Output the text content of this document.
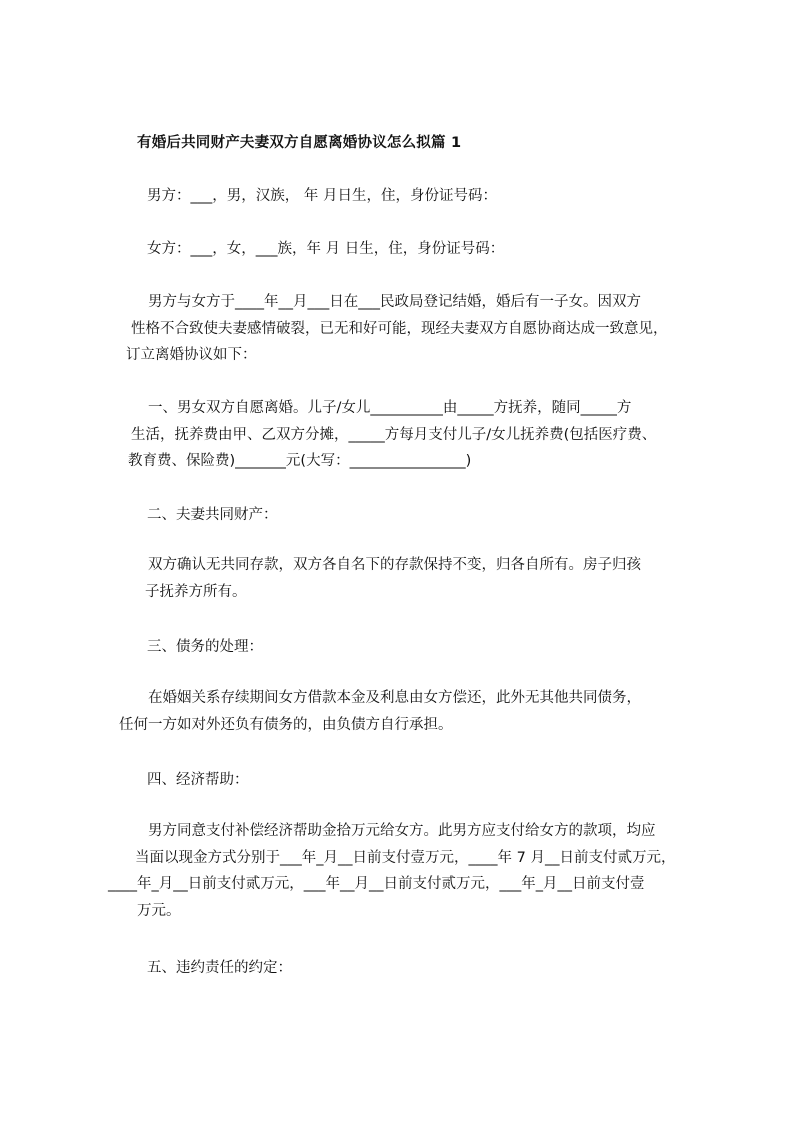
有婚后共同财产夫妻双方自愿离婚协议怎么拟篇 1
男方：___，男，汉族， 年 月日生，住，身份证号码：
女方：___，女，___族，年 月 日生，住，身份证号码：
男方与女方于____年__月___日在___民政局登记结婚，婚后有一子女。因双方
性格不合致使夫妻感情破裂，已无和好可能，现经夫妻双方自愿协商达成一致意见，
订立离婚协议如下：
一、男女双方自愿离婚。儿子/女儿__________由_____方抚养，随同_____方
生活，抚养费由甲、乙双方分摊，_____方每月支付儿子/女儿抚养费(包括医疗费、
教育费、保险费)_______元(大写：________________)
二、夫妻共同财产：
双方确认无共同存款，双方各自名下的存款保持不变，归各自所有。房子归孩
子抚养方所有。
三、债务的处理：
在婚姻关系存续期间女方借款本金及利息由女方偿还，此外无其他共同债务，
任何一方如对外还负有债务的，由负债方自行承担。
四、经济帮助：
男方同意支付补偿经济帮助金拾万元给女方。此男方应支付给女方的款项，均应
当面以现金方式分别于___年_月__日前支付壹万元，____年 7 月__日前支付贰万元，
____年_月__日前支付贰万元，___年__月__日前支付贰万元，___年_月__日前支付壹
万元。
五、违约责任的约定：
